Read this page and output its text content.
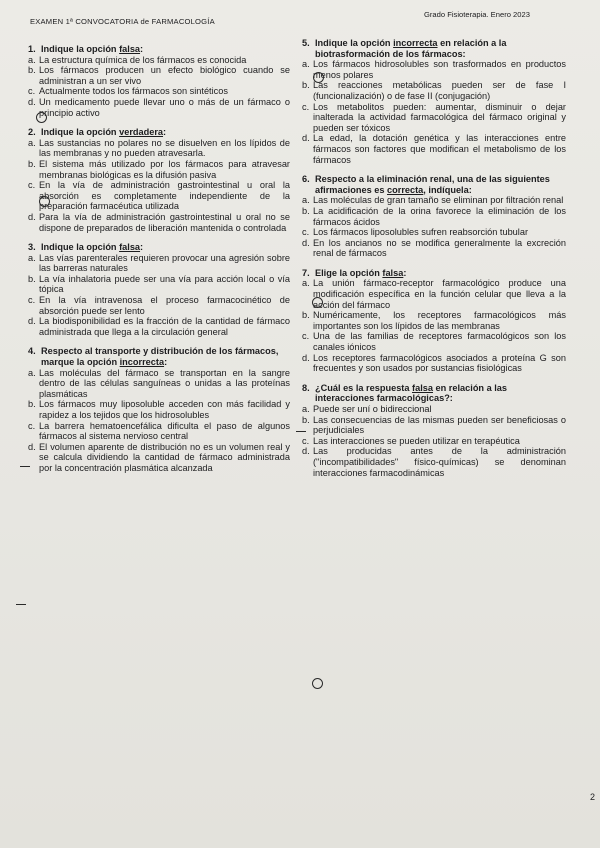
EXAMEN 1ª CONVOCATORIA de FARMACOLOGÍA
Grado Fisioterapia. Enero 2023
1. Indique la opción falsa:
a. La estructura química de los fármacos es conocida
b. Los fármacos producen un efecto biológico cuando se administran a un ser vivo
c. Actualmente todos los fármacos son sintéticos
d. Un medicamento puede llevar uno o más de un fármaco o principio activo
2. Indique la opción verdadera:
a. Las sustancias no polares no se disuelven en los lípidos de las membranas y no pueden atravesarla.
b. El sistema más utilizado por los fármacos para atravesar membranas biológicas es la difusión pasiva
c. En la vía de administración gastrointestinal u oral la absorción es completamente independiente de la preparación farmacéutica utilizada
d. Para la vía de administración gastrointestinal u oral no se dispone de preparados de liberación mantenida o controlada
3. Indique la opción falsa:
a. Las vías parenterales requieren provocar una agresión sobre las barreras naturales
b. La vía inhalatoria puede ser una vía para acción local o vía tópica
c. En la vía intravenosa el proceso farmacocinético de absorción puede ser lento
d. La biodisponibilidad es la fracción de la cantidad de fármaco administrada que llega a la circulación general
4. Respecto al transporte y distribución de los fármacos, marque la opción incorrecta:
a. Las moléculas del fármaco se transportan en la sangre dentro de las células sanguíneas o unidas a las proteínas plasmáticas
b. Los fármacos muy liposoluble acceden con más facilidad y rapidez a los tejidos que los hidrosolubles
c. La barrera hematoencefálica dificulta el paso de algunos fármacos al sistema nervioso central
d. El volumen aparente de distribución no es un volumen real y se calcula dividiendo la cantidad de fármaco administrada por la concentración plasmática alcanzada
5. Indique la opción incorrecta en relación a la biotrasformación de los fármacos:
a. Los fármacos hidrosolubles son trasformados en productos menos polares
b. Las reacciones metabólicas pueden ser de fase I (funcionalización) o de fase II (conjugación)
c. Los metabolitos pueden: aumentar, disminuir o dejar inalterada la actividad farmacológica del fármaco original y pueden ser tóxicos
d. La edad, la dotación genética y las interacciones entre fármacos son factores que modifican el metabolismo de los fármacos
6. Respecto a la eliminación renal, una de las siguientes afirmaciones es correcta, indíquela:
a. Las moléculas de gran tamaño se eliminan por filtración renal
b. La acidificación de la orina favorece la eliminación de los fármacos ácidos
c. Los fármacos liposolubles sufren reabsorción tubular
d. En los ancianos no se modifica generalmente la excreción renal de fármacos
7. Elige la opción falsa:
a. La unión fármaco-receptor farmacológico produce una modificación específica en la función celular que lleva a la acción del fármaco
b. Numéricamente, los receptores farmacológicos más importantes son los lípidos de las membranas
c. Una de las familias de receptores farmacológicos son los canales iónicos
d. Los receptores farmacológicos asociados a proteína G son frecuentes y son usados por sustancias fisiológicas
8. ¿Cuál es la respuesta falsa en relación a las interacciones farmacológicas?:
a. Puede ser uní o bidireccional
b. Las consecuencias de las mismas pueden ser beneficiosas o perjudiciales
c. Las interacciones se pueden utilizar en terapéutica
d. Las producidas antes de la administración ("incompatibilidades" físico-químicas) se denominan interacciones farmacodinámicas
2
